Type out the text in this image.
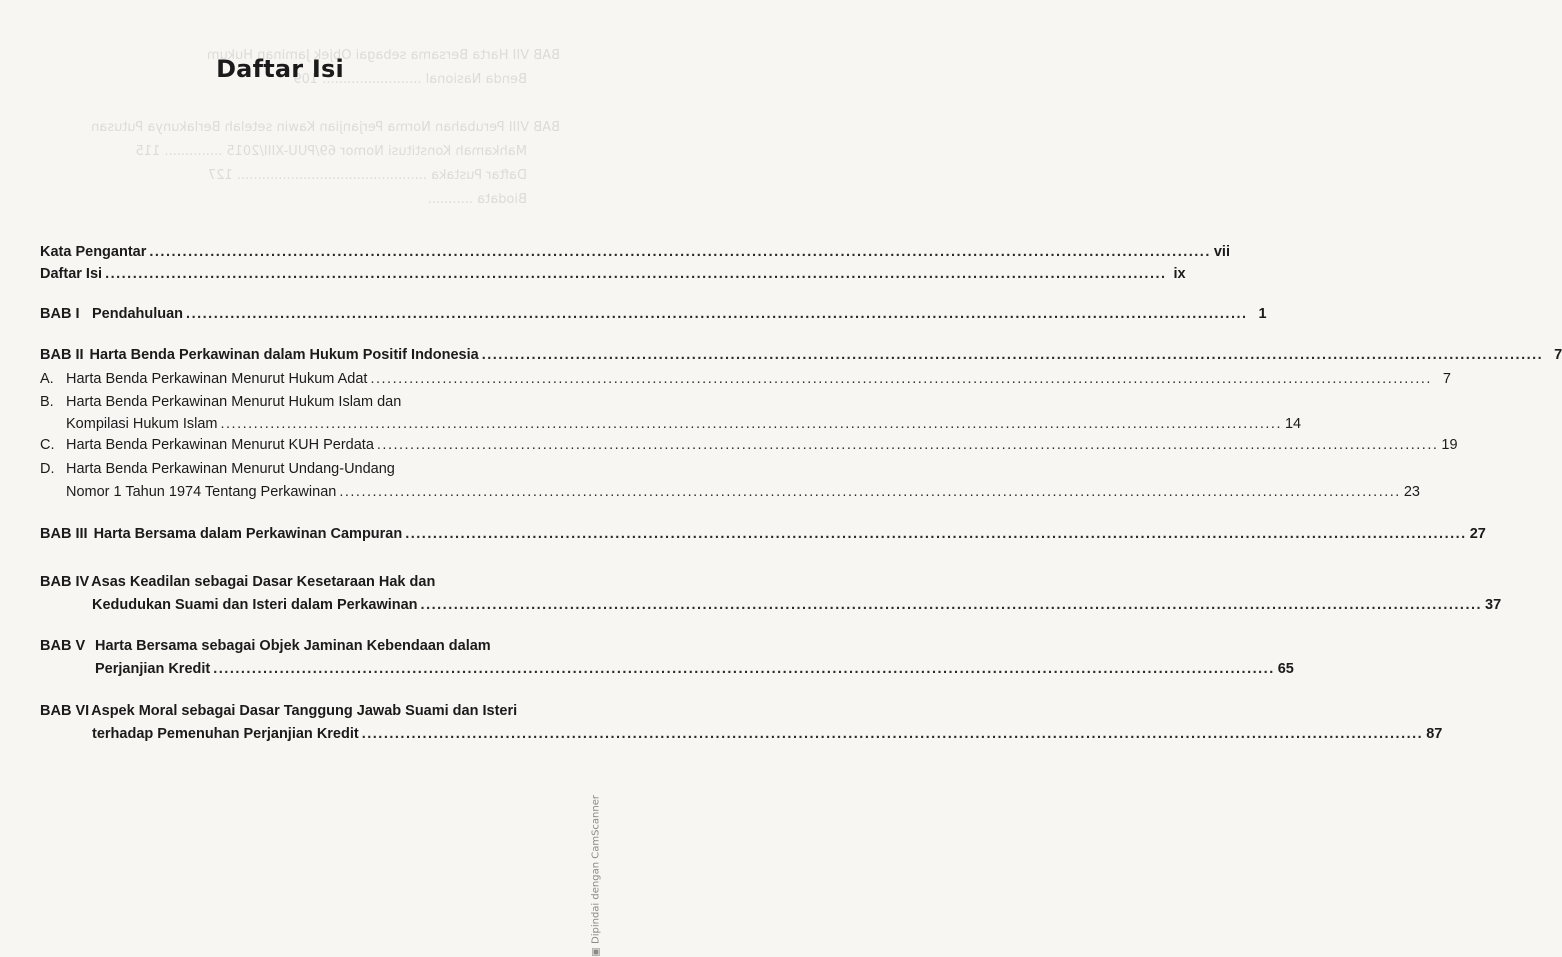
BAB VII Harta Bersama sebagai Objek Jaminan Hukum
Benda Nasional ........................ 109

BAB VIII Perubahan Norma Perjanjian Kawin setelah Berlakunya Putusan
Mahkamah Konstitusi Nomor 69/PUU-XIII/2015 .............. 115
Daftar Pustaka .............................................. 127
Biodata ...........
Daftar Isi
Kata Pengantar .....	vii
Daftar Isi .....	ix
BAB I Pendahuluan .....	1
BAB II Harta Benda Perkawinan dalam Hukum Positif Indonesia .....	7
A. Harta Benda Perkawinan Menurut Hukum Adat .....	7
B. Harta Benda Perkawinan Menurut Hukum Islam dan
Kompilasi Hukum Islam .....	14
C. Harta Benda Perkawinan Menurut KUH Perdata .....	19
D. Harta Benda Perkawinan Menurut Undang-Undang
Nomor 1 Tahun 1974 Tentang Perkawinan .....	23
BAB III Harta Bersama dalam Perkawinan Campuran .....	27
BAB IV Asas Keadilan sebagai Dasar Kesetaraan Hak dan
Kedudukan Suami dan Isteri dalam Perkawinan .....	37
BAB V Harta Bersama sebagai Objek Jaminan Kebendaan dalam
Perjanjian Kredit .....	65
BAB VI Aspek Moral sebagai Dasar Tanggung Jawab Suami dan Isteri
terhadap Pemenuhan Perjanjian Kredit .....	87
▣ Dipindai dengan CamScanner
